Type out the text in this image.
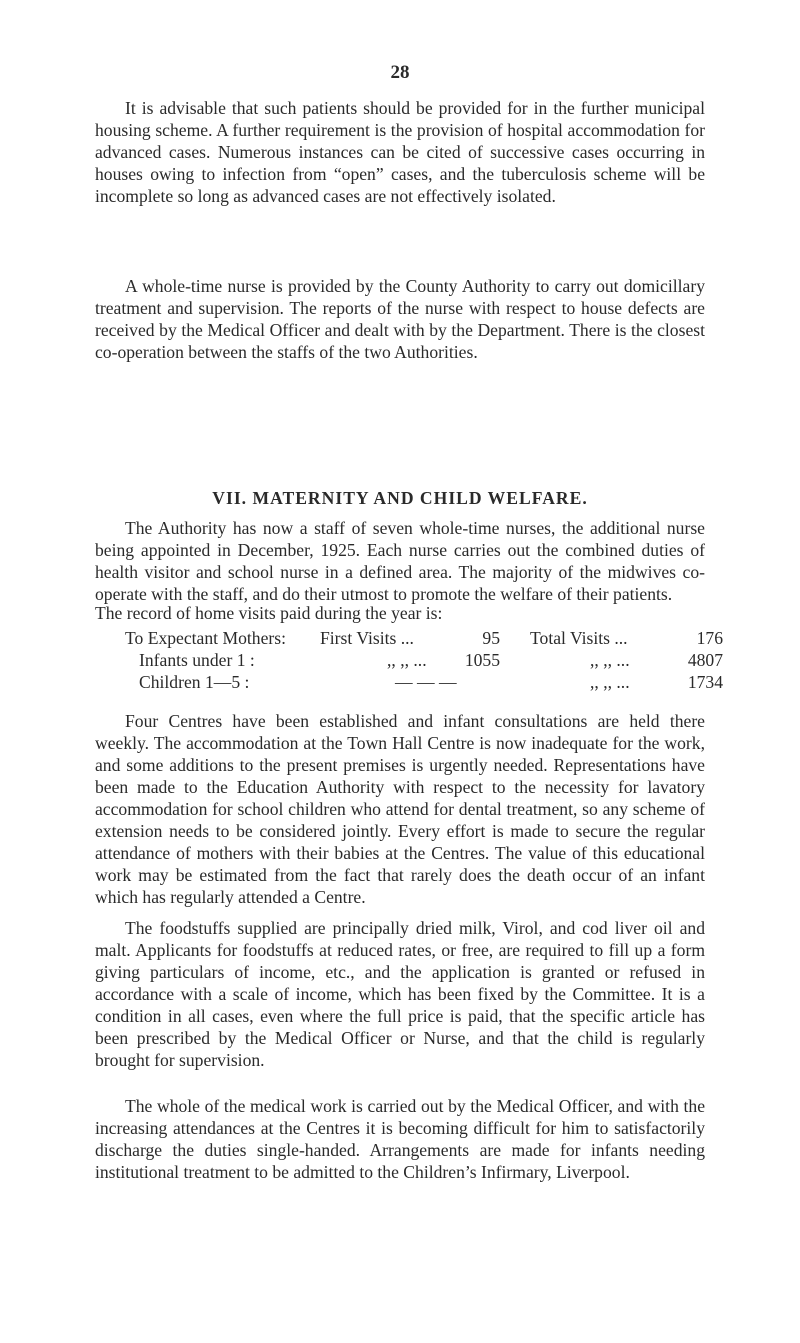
28

It is advisable that such patients should be provided for in the further municipal housing scheme. A further requirement is the provision of hospital accommodation for advanced cases. Numerous instances can be cited of successive cases occurring in houses owing to infection from “open” cases, and the tuberculosis scheme will be incomplete so long as advanced cases are not effectively isolated.

A whole-time nurse is provided by the County Authority to carry out domicillary treatment and supervision. The reports of the nurse with respect to house defects are received by the Medical Officer and dealt with by the Department. There is the closest co-operation between the staffs of the two Authorities.

VII. MATERNITY AND CHILD WELFARE.

The Authority has now a staff of seven whole-time nurses, the additional nurse being appointed in December, 1925. Each nurse carries out the combined duties of health visitor and school nurse in a defined area. The majority of the midwives co-operate with the staff, and do their utmost to promote the welfare of their patients.

The record of home visits paid during the year is:

To Expectant Mothers: First Visits ...	95 Total Visits ...	176
Infants under 1 :	,, ,, ...	1055	,, ,, ...	4807
Children 1—5 :	— — —	,, ,, ...	1734

Four Centres have been established and infant consultations are held there weekly. The accommodation at the Town Hall Centre is now inadequate for the work, and some additions to the present premises is urgently needed. Representations have been made to the Education Authority with respect to the necessity for lavatory accommodation for school children who attend for dental treatment, so any scheme of extension needs to be considered jointly. Every effort is made to secure the regular attendance of mothers with their babies at the Centres. The value of this educational work may be estimated from the fact that rarely does the death occur of an infant which has regularly attended a Centre.

The foodstuffs supplied are principally dried milk, Virol, and cod liver oil and malt. Applicants for foodstuffs at reduced rates, or free, are required to fill up a form giving particulars of income, etc., and the application is granted or refused in accordance with a scale of income, which has been fixed by the Committee. It is a condition in all cases, even where the full price is paid, that the specific article has been prescribed by the Medical Officer or Nurse, and that the child is regularly brought for supervision.

The whole of the medical work is carried out by the Medical Officer, and with the increasing attendances at the Centres it is becoming difficult for him to satisfactorily discharge the duties single-handed. Arrangements are made for infants needing institutional treatment to be admitted to the Children’s Infirmary, Liverpool.
